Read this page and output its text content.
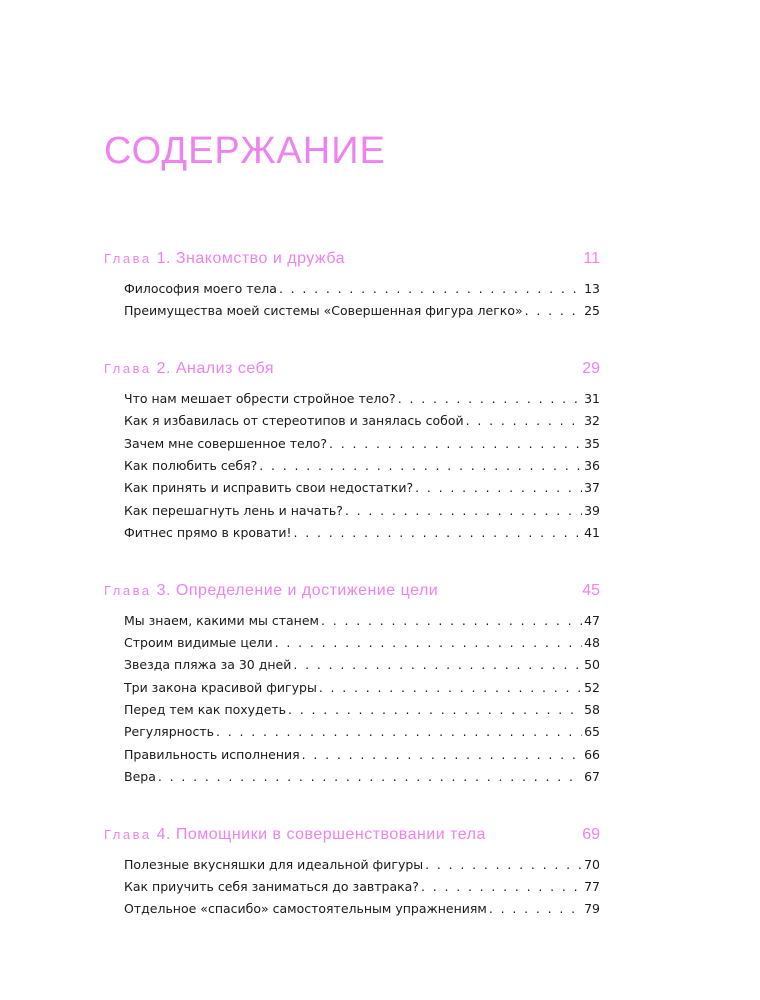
СОДЕРЖАНИЕ
Глава 1. Знакомство и дружба	11
Философия моего тела . . .	13
Преимущества моей системы «Совершенная фигура легко» . . .	25
Глава 2. Анализ себя	29
Что нам мешает обрести стройное тело? . . .	31
Как я избавилась от стереотипов и занялась собой . . .	32
Зачем мне совершенное тело? . . .	35
Как полюбить себя? . . .	36
Как принять и исправить свои недостатки? . . .	37
Как перешагнуть лень и начать? . . .	39
Фитнес прямо в кровати! . . .	41
Глава 3. Определение и достижение цели	45
Мы знаем, какими мы станем . . .	47
Строим видимые цели . . .	48
Звезда пляжа за 30 дней . . .	50
Три закона красивой фигуры . . .	52
Перед тем как похудеть . . .	58
Регулярность . . .	65
Правильность исполнения . . .	66
Вера . . .	67
Глава 4. Помощники в совершенствовании тела	69
Полезные вкусняшки для идеальной фигуры . . .	70
Как приучить себя заниматься до завтрака? . . .	77
Отдельное «спасибо» самостоятельным упражнениям . . .	79
